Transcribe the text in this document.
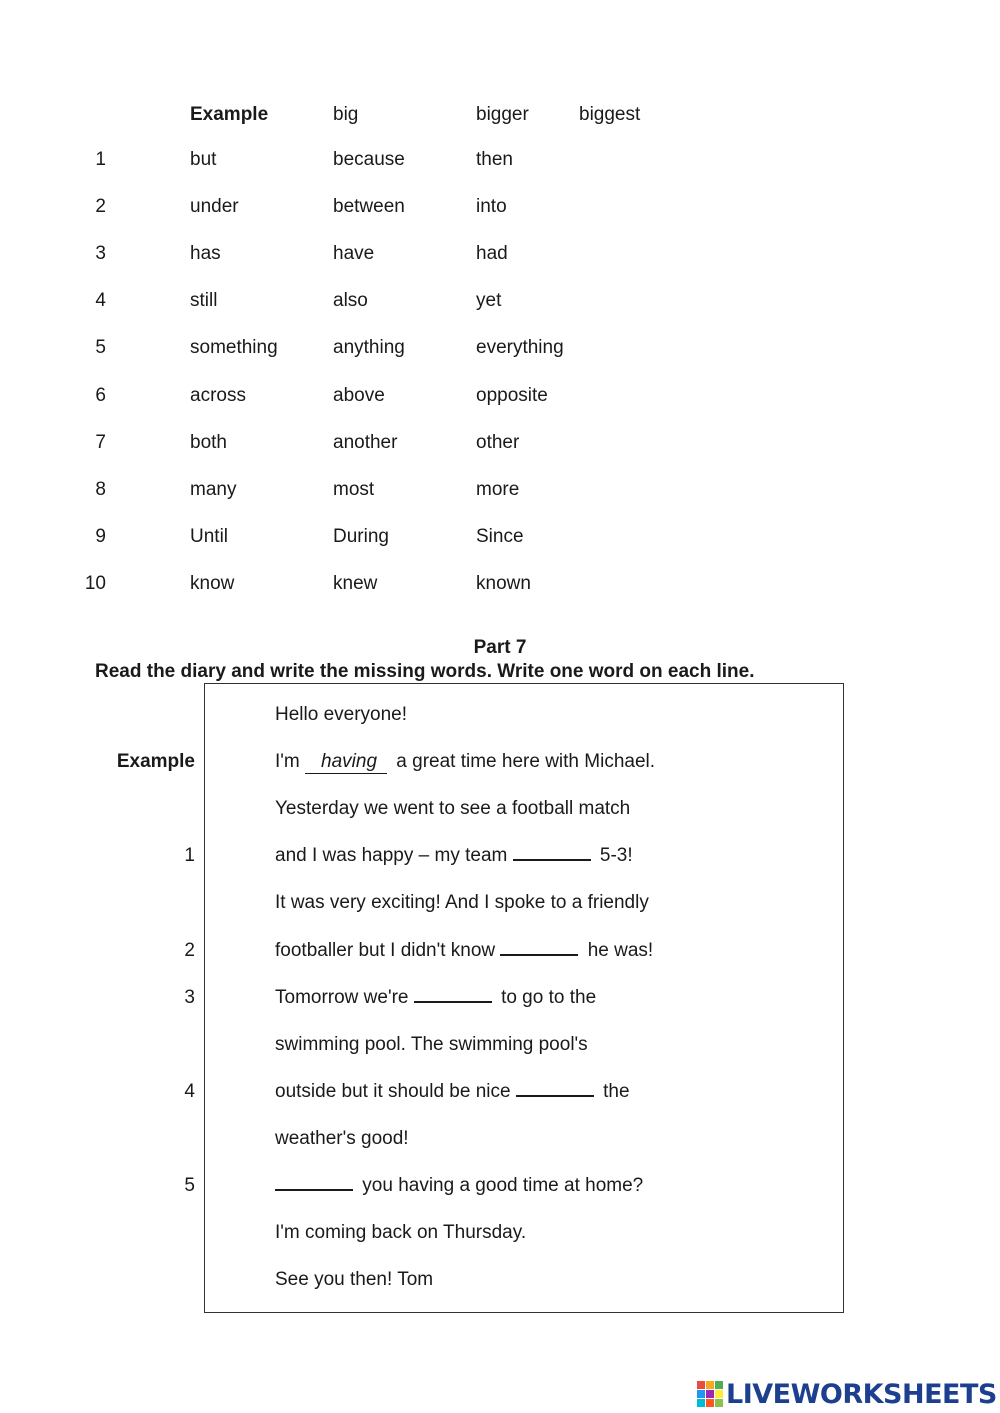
Example	big	bigger	biggest
1	but	because	then
2	under	between	into
3	has	have	had
4	still	also	yet
5	something	anything	everything
6	across	above	opposite
7	both	another	other
8	many	most	more
9	Until	During	Since
10	know	knew	known
Part 7
Read the diary and write the missing words. Write one word on each line.
Hello everyone!
Example	I'm having a great time here with Michael.
Yesterday we went to see a football match
1	and I was happy – my team	5-3!
It was very exciting! And I spoke to a friendly
2	footballer but I didn't know	he was!
3	Tomorrow we're	to go to the
swimming pool. The swimming pool's
4	outside but it should be nice	the
weather's good!
5	you having a good time at home?
I'm coming back on Thursday.
See you then! Tom
LIVEWORKSHEETS
